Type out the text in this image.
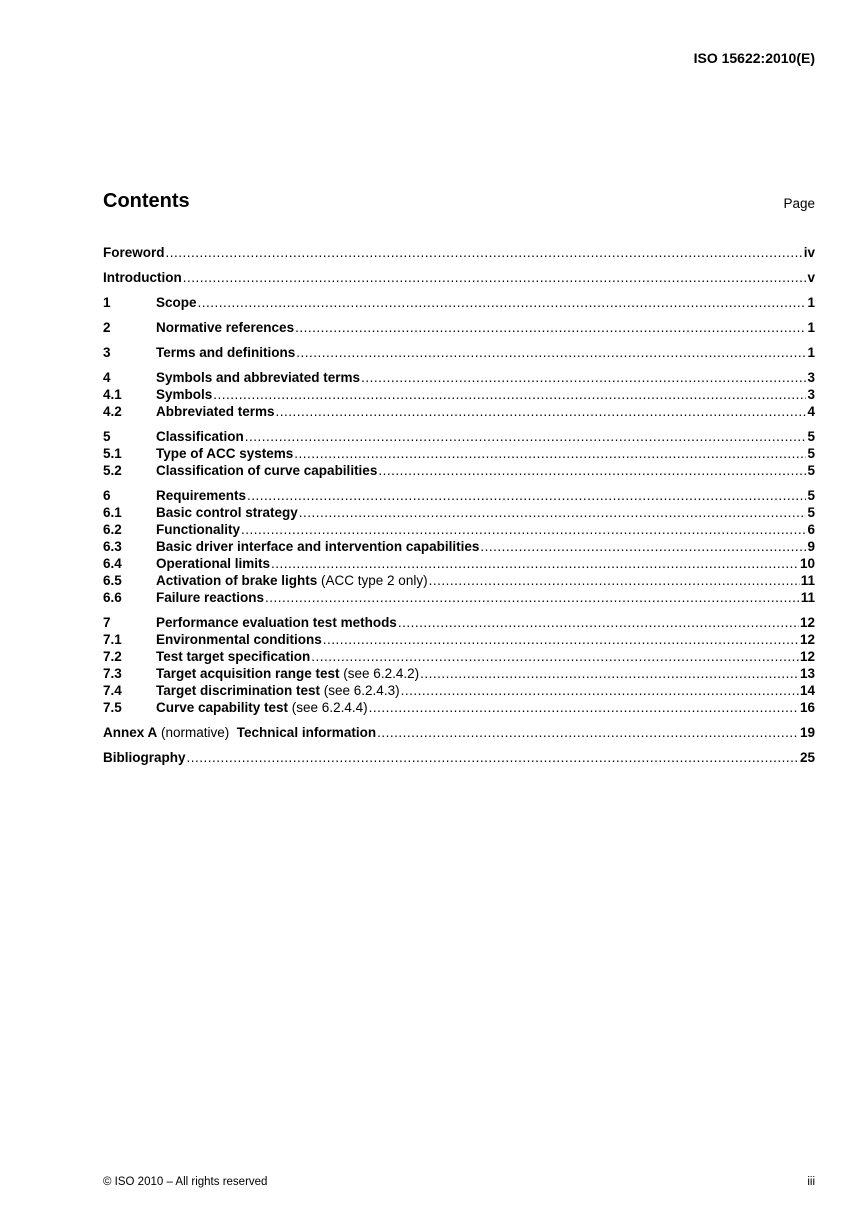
ISO 15622:2010(E)
Contents	Page
Foreword .....	iv
Introduction .....	v
1	Scope .....	1
2	Normative references .....	1
3	Terms and definitions .....	1
4	Symbols and abbreviated terms .....	3
4.1	Symbols .....	3
4.2	Abbreviated terms .....	4
5	Classification .....	5
5.1	Type of ACC systems .....	5
5.2	Classification of curve capabilities .....	5
6	Requirements .....	5
6.1	Basic control strategy .....	5
6.2	Functionality .....	6
6.3	Basic driver interface and intervention capabilities .....	9
6.4	Operational limits .....	10
6.5	Activation of brake lights (ACC type 2 only) .....	11
6.6	Failure reactions .....	11
7	Performance evaluation test methods .....	12
7.1	Environmental conditions .....	12
7.2	Test target specification .....	12
7.3	Target acquisition range test (see 6.2.4.2) .....	13
7.4	Target discrimination test (see 6.2.4.3) .....	14
7.5	Curve capability test (see 6.2.4.4) .....	16
Annex A (normative)  Technical information .....	19
Bibliography .....	25
© ISO 2010 – All rights reserved	iii
